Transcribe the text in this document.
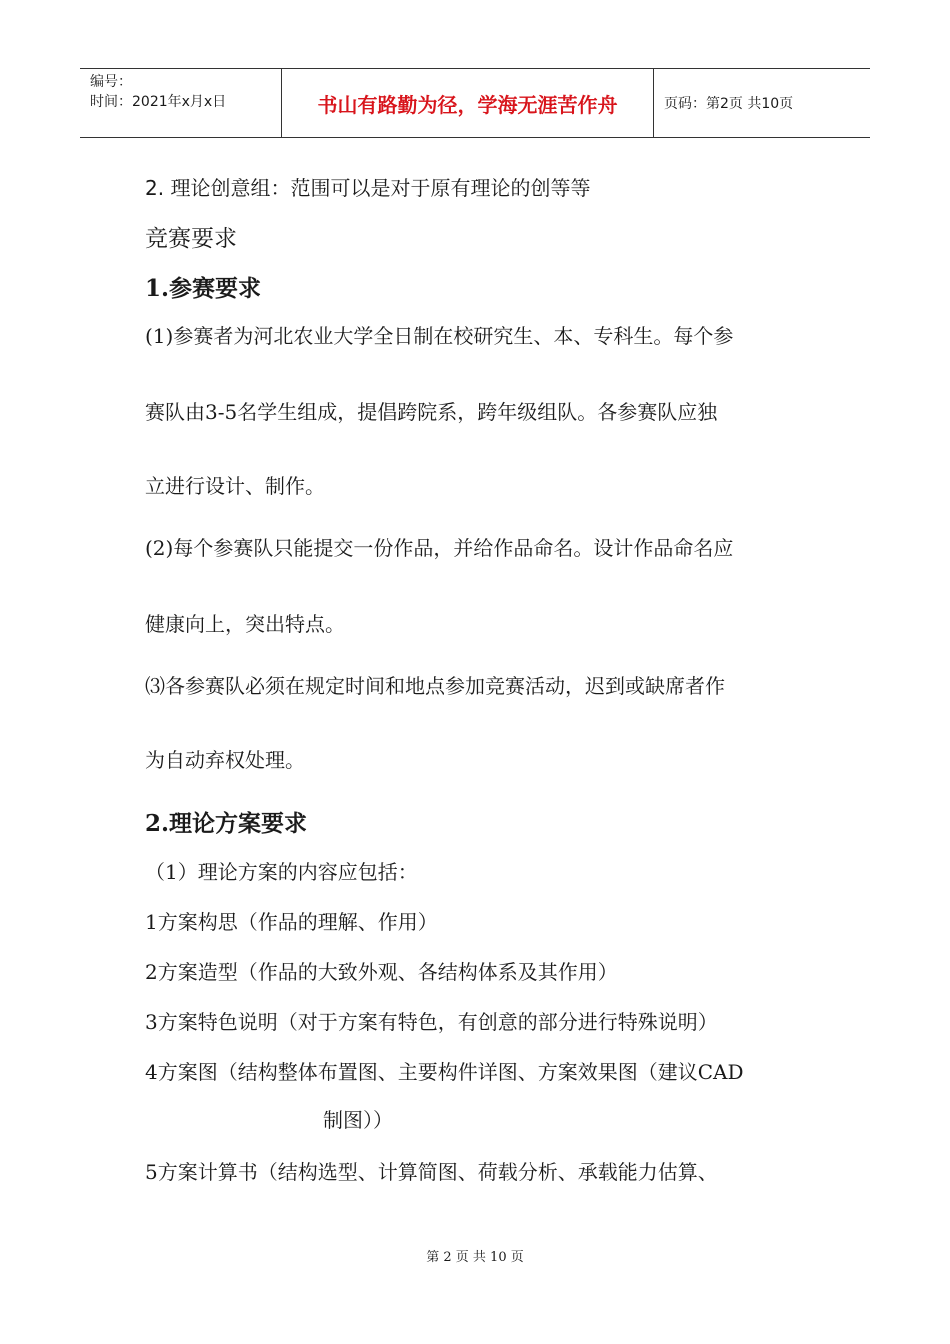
编号：
时间：2021年x月x日	书山有路勤为径，学海无涯苦作舟	页码：第2页 共10页
2. 理论创意组：范围可以是对于原有理论的创等等
竞赛要求
1.参赛要求
(1)参赛者为河北农业大学全日制在校研究生、本、专科生。每个参
赛队由3-5名学生组成，提倡跨院系，跨年级组队。各参赛队应独
立进行设计、制作。
(2)每个参赛队只能提交一份作品，并给作品命名。设计作品命名应
健康向上，突出特点。
⑶各参赛队必须在规定时间和地点参加竞赛活动，迟到或缺席者作
为自动弃权处理。
2.理论方案要求
（1）理论方案的内容应包括：
1方案构思（作品的理解、作用）
2方案造型（作品的大致外观、各结构体系及其作用）
3方案特色说明（对于方案有特色，有创意的部分进行特殊说明）
4方案图（结构整体布置图、主要构件详图、方案效果图（建议CAD
制图））
5方案计算书（结构选型、计算简图、荷载分析、承载能力估算、
第 2 页 共 10 页
